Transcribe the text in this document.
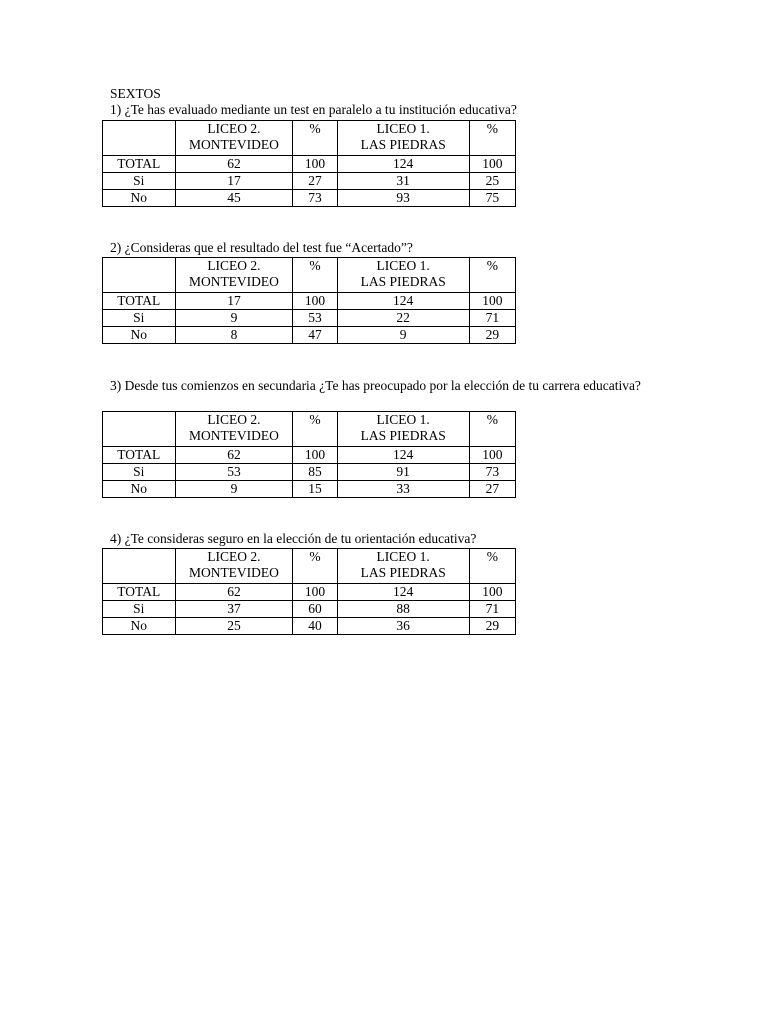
SEXTOS
1) ¿Te has evaluado mediante un test en paralelo a tu institución educativa?

	LICEO 2.
MONTEVIDEO	%	LICEO 1.
LAS PIEDRAS	%
TOTAL	62	100	124	100
Si	17	27	31	25
No	45	73	93	75
2) ¿Consideras que el resultado del test fue “Acertado”?

	LICEO 2.
MONTEVIDEO	%	LICEO 1.
LAS PIEDRAS	%
TOTAL	17	100	124	100
Si	9	53	22	71
No	8	47	9	29
3) Desde tus comienzos en secundaria ¿Te has preocupado por la elección de tu carrera educativa?

	LICEO 2.
MONTEVIDEO	%	LICEO 1.
LAS PIEDRAS	%
TOTAL	62	100	124	100
Si	53	85	91	73
No	9	15	33	27
4) ¿Te consideras seguro en la elección de tu orientación educativa?

	LICEO 2.
MONTEVIDEO	%	LICEO 1.
LAS PIEDRAS	%
TOTAL	62	100	124	100
Si	37	60	88	71
No	25	40	36	29
